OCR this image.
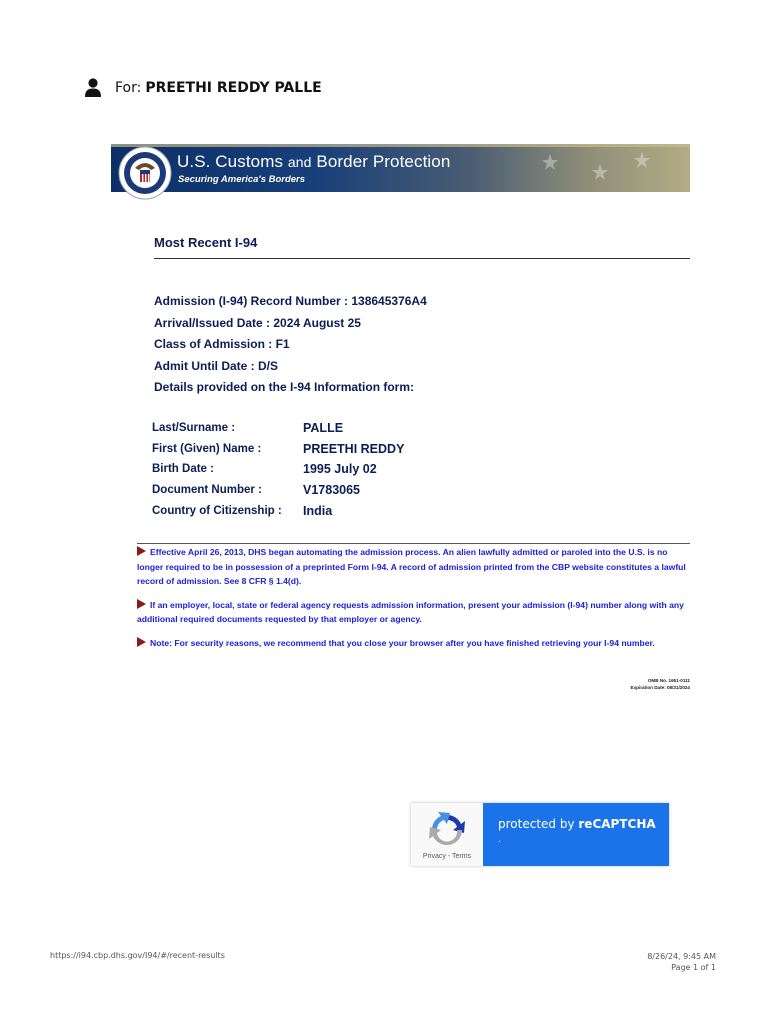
For: PREETHI REDDY PALLE
U.S. Customs and Border Protection
Securing America's Borders
Most Recent I-94
Admission (I-94) Record Number : 138645376A4
Arrival/Issued Date : 2024 August 25
Class of Admission : F1
Admit Until Date : D/S
Details provided on the I-94 Information form:
Last/Surname :	PALLE
First (Given) Name :	PREETHI REDDY
Birth Date :	1995 July 02
Document Number :	V1783065
Country of Citizenship :	India
Effective April 26, 2013, DHS began automating the admission process. An alien lawfully admitted or paroled into the U.S. is no longer required to be in possession of a preprinted Form I-94. A record of admission printed from the CBP website constitutes a lawful record of admission. See 8 CFR § 1.4(d).
If an employer, local, state or federal agency requests admission information, present your admission (I-94) number along with any additional required documents requested by that employer or agency.
Note: For security reasons, we recommend that you close your browser after you have finished retrieving your I-94 number.
OMB No. 1651-0111
Expiration Date: 08/31/2024
Privacy - Terms
protected by reCAPTCHA
.
https://i94.cbp.dhs.gov/I94/#/recent-results	8/26/24, 9:45 AM
Page 1 of 1
